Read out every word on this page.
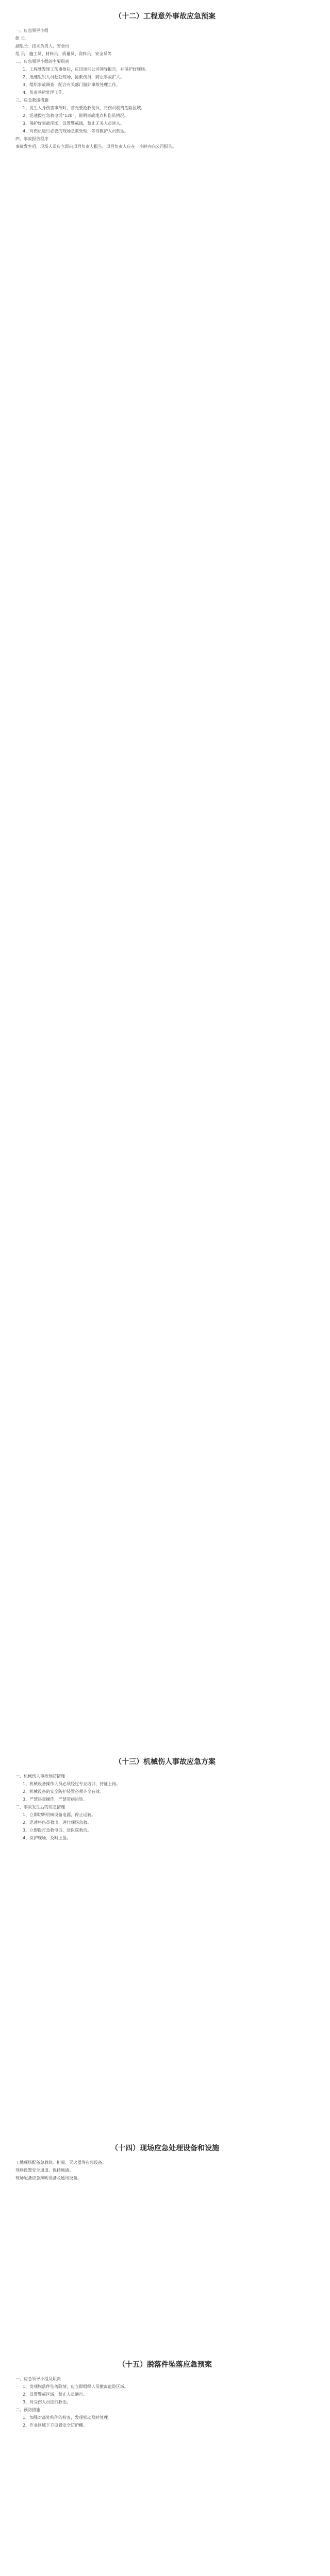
（十二）工程意外事故应急预案

一、应急领导小组

组 长：

副组长：技术负责人，安全员

组 员：施工员、材料员、质量员、资料员、安全员等

二、应急领导小组的主要职责

1、工程处发现工伤事故后，应迅速向公司领导报告，并保护好现场。

2、迅速组织人员赶赴现场，抢救伤员，防止事故扩大。

3、组织事故调查，配合有关部门做好事故处理工作。

4、负责善后处理工作。

三、应急救援措施

1、发生人身伤害事故时，首先要抢救伤员，将伤员脱离危险区域。

2、迅速拨打急救电话“120”，说明事故地点和伤员情况。

3、保护好事故现场，设置警戒线，禁止无关人员进入。

4、对伤员进行必要的现场急救处理，等待救护人员到达。

四、事故报告程序

事故发生后，现场人员应立即向项目负责人报告，项目负责人应在一小时内向公司报告。

（十三）机械伤人事故应急方案

一、机械伤人事故预防措施

1、机械设备操作人员必须经过专业培训，持证上岗。

2、机械设备的安全防护装置必须齐全有效。

3、严禁违章操作，严禁带病运转。

二、事故发生后的应急措施

1、立即切断机械设备电源，停止运转。

2、迅速将伤员救出，进行现场急救。

3、立即拨打急救电话，送医院救治。

4、保护现场，及时上报。

（十四）现场应急处理设备和设施

工地现场配备急救箱、担架、灭火器等应急设备。

现场设置安全通道，保持畅通。

现场配备应急照明设备及通讯设备。

（十五）脱落件坠落应急预案

一、应急领导小组及职责

1、发现脱落件坠落险情，应立即组织人员撤离危险区域。

2、设置警戒区域，禁止人员通行。

3、对受伤人员进行救治。

二、预防措施

1、加强对高处构件的检查，发现松动及时处理。

2、作业区域下方设置安全防护棚。
